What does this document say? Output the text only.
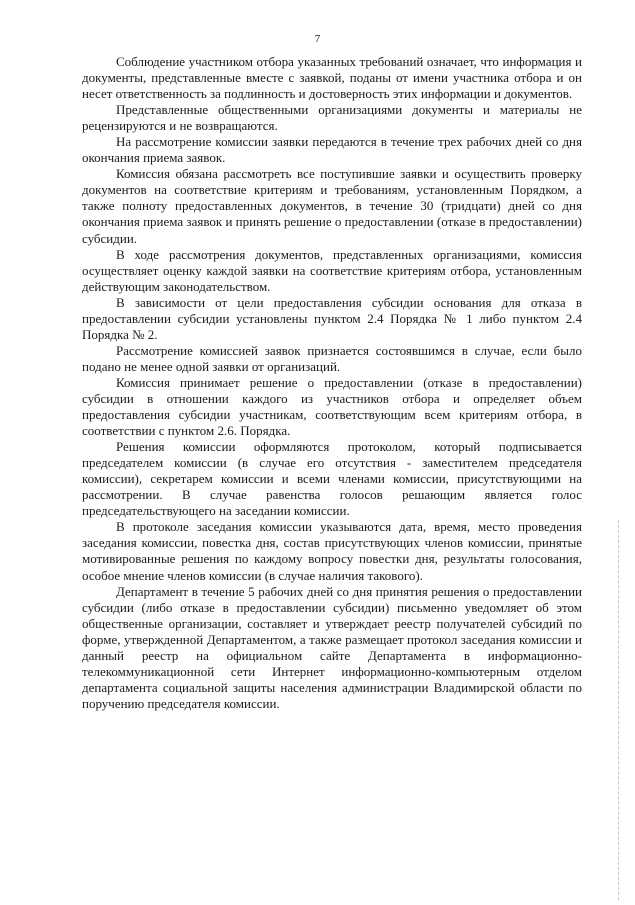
7

Соблюдение участником отбора указанных требований означает, что информация и документы, представленные вместе с заявкой, поданы от имени участника отбора и он несет ответственность за подлинность и достоверность этих информации и документов.

Представленные общественными организациями документы и материалы не рецензируются и не возвращаются.

На рассмотрение комиссии заявки передаются в течение трех рабочих дней со дня окончания приема заявок.

Комиссия обязана рассмотреть все поступившие заявки и осуществить проверку документов на соответствие критериям и требованиям, установленным Порядком, а также полноту предоставленных документов, в течение 30 (тридцати) дней со дня окончания приема заявок и принять решение о предоставлении (отказе в предоставлении) субсидии.

В ходе рассмотрения документов, представленных организациями, комиссия осуществляет оценку каждой заявки на соответствие критериям отбора, установленным действующим законодательством.

В зависимости от цели предоставления субсидии основания для отказа в предоставлении субсидии установлены пунктом 2.4 Порядка № 1 либо пунктом 2.4 Порядка № 2.

Рассмотрение комиссией заявок признается состоявшимся в случае, если было подано не менее одной заявки от организаций.

Комиссия принимает решение о предоставлении (отказе в предоставлении) субсидии в отношении каждого из участников отбора и определяет объем предоставления субсидии участникам, соответствующим всем критериям отбора, в соответствии с пунктом 2.6. Порядка.

Решения комиссии оформляются протоколом, который подписывается председателем комиссии (в случае его отсутствия - заместителем председателя комиссии), секретарем комиссии и всеми членами комиссии, присутствующими на рассмотрении. В случае равенства голосов решающим является голос председательствующего на заседании комиссии.

В протоколе заседания комиссии указываются дата, время, место проведения заседания комиссии, повестка дня, состав присутствующих членов комиссии, принятые мотивированные решения по каждому вопросу повестки дня, результаты голосования, особое мнение членов комиссии (в случае наличия такового).

Департамент в течение 5 рабочих дней со дня принятия решения о предоставлении субсидии (либо отказе в предоставлении субсидии) письменно уведомляет об этом общественные организации, составляет и утверждает реестр получателей субсидий по форме, утвержденной Департаментом, а также размещает протокол заседания комиссии и данный реестр на официальном сайте Департамента в информационно-телекоммуникационной сети Интернет информационно-компьютерным отделом департамента социальной защиты населения администрации Владимирской области по поручению председателя комиссии.
